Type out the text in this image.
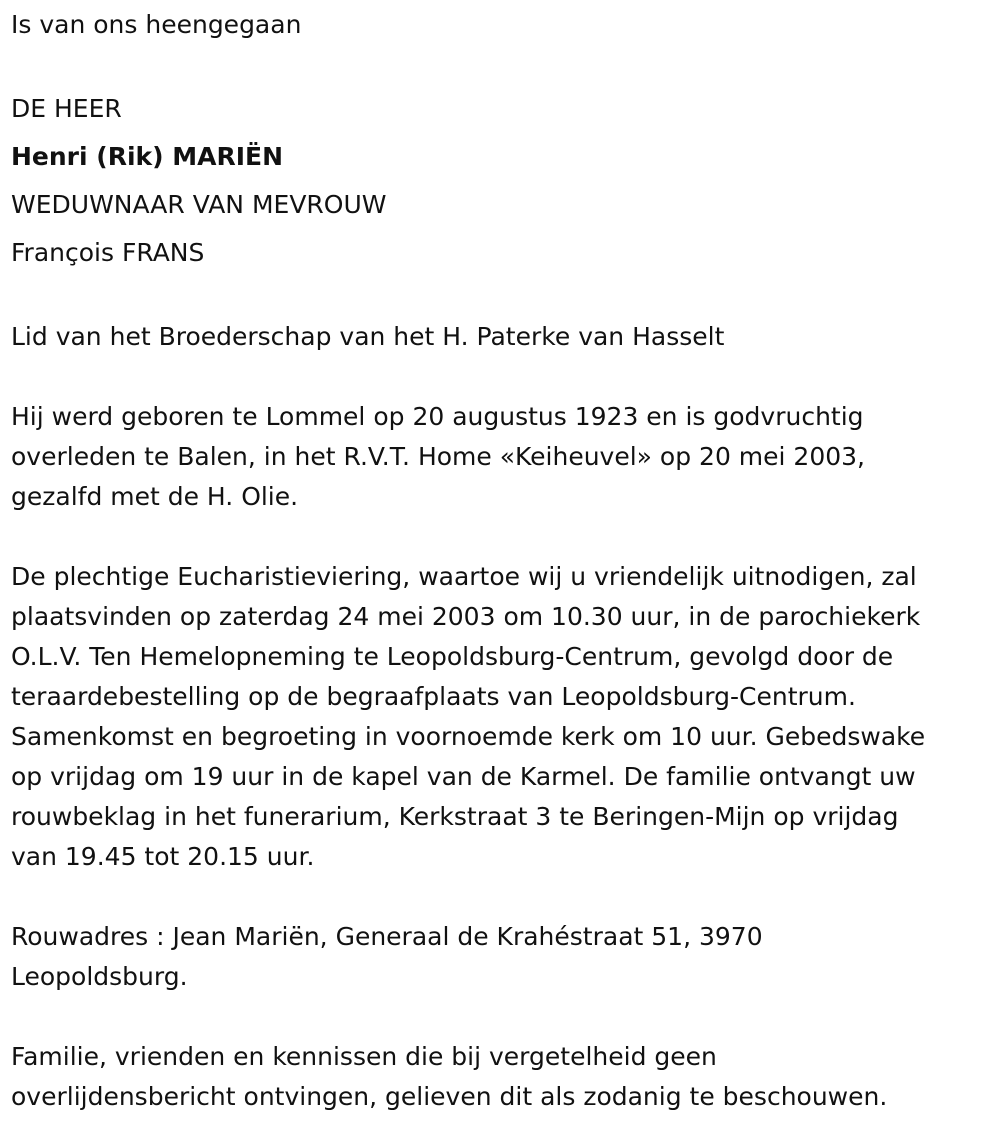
Is van ons heengegaan
DE HEER
Henri (Rik) MARIËN
WEDUWNAAR VAN MEVROUW
François FRANS
Lid van het Broederschap van het H. Paterke van Hasselt
Hij werd geboren te Lommel op 20 augustus 1923 en is godvruchtig
overleden te Balen, in het R.V.T. Home «Keiheuvel» op 20 mei 2003,
gezalfd met de H. Olie.
De plechtige Eucharistieviering, waartoe wij u vriendelijk uitnodigen, zal
plaatsvinden op zaterdag 24 mei 2003 om 10.30 uur, in de parochiekerk
O.L.V. Ten Hemelopneming te Leopoldsburg-Centrum, gevolgd door de
teraardebestelling op de begraafplaats van Leopoldsburg-Centrum.
Samenkomst en begroeting in voornoemde kerk om 10 uur. Gebedswake
op vrijdag om 19 uur in de kapel van de Karmel. De familie ontvangt uw
rouwbeklag in het funerarium, Kerkstraat 3 te Beringen-Mijn op vrijdag
van 19.45 tot 20.15 uur.
Rouwadres : Jean Mariën, Generaal de Krahéstraat 51, 3970
Leopoldsburg.
Familie, vrienden en kennissen die bij vergetelheid geen
overlijdensbericht ontvingen, gelieven dit als zodanig te beschouwen.
